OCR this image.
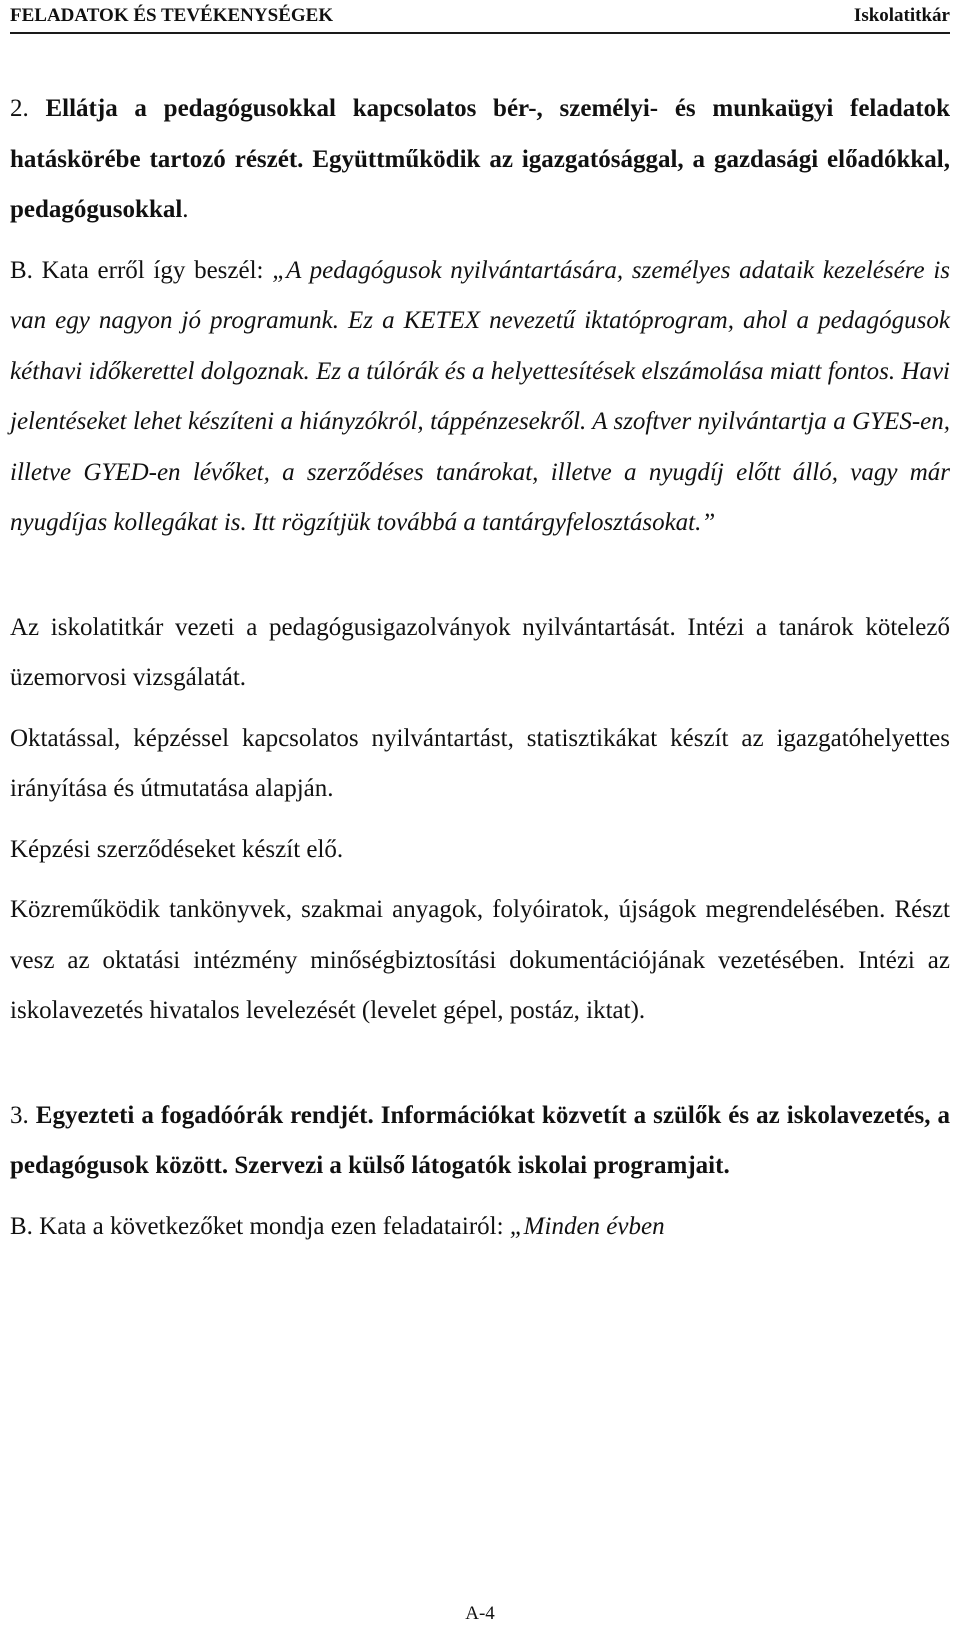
FELADATOK ÉS TEVÉKENYSÉGEK	Iskolatitkár

2. Ellátja a pedagógusokkal kapcsolatos bér-, személyi- és munkaügyi feladatok hatáskörébe tartozó részét. Együttműködik az igazgatósággal, a gazdasági előadókkal, pedagógusokkal.

B. Kata erről így beszél: „A pedagógusok nyilvántartására, személyes adataik kezelésére is van egy nagyon jó programunk. Ez a KETEX nevezetű iktatóprogram, ahol a pedagógusok kéthavi időkerettel dolgoznak. Ez a túlórák és a helyettesítések elszámolása miatt fontos. Havi jelentéseket lehet készíteni a hiányzókról, táppénzesekről. A szoftver nyilvántartja a GYES-en, illetve GYED-en lévőket, a szerződéses tanárokat, illetve a nyugdíj előtt álló, vagy már nyugdíjas kollegákat is. Itt rögzítjük továbbá a tantárgyfelosztásokat.”

Az iskolatitkár vezeti a pedagógusigazolványok nyilvántartását. Intézi a tanárok kötelező üzemorvosi vizsgálatát.

Oktatással, képzéssel kapcsolatos nyilvántartást, statisztikákat készít az igazgatóhelyettes irányítása és útmutatása alapján.

Képzési szerződéseket készít elő.

Közreműködik tankönyvek, szakmai anyagok, folyóiratok, újságok megrendelésében. Részt vesz az oktatási intézmény minőségbiztosítási dokumentációjának vezetésében. Intézi az iskolavezetés hivatalos levelezését (levelet gépel, postáz, iktat).

3. Egyezteti a fogadóórák rendjét. Információkat közvetít a szülők és az iskolavezetés, a pedagógusok között. Szervezi a külső látogatók iskolai programjait.

B. Kata a következőket mondja ezen feladatairól: „Minden évben

A-4
